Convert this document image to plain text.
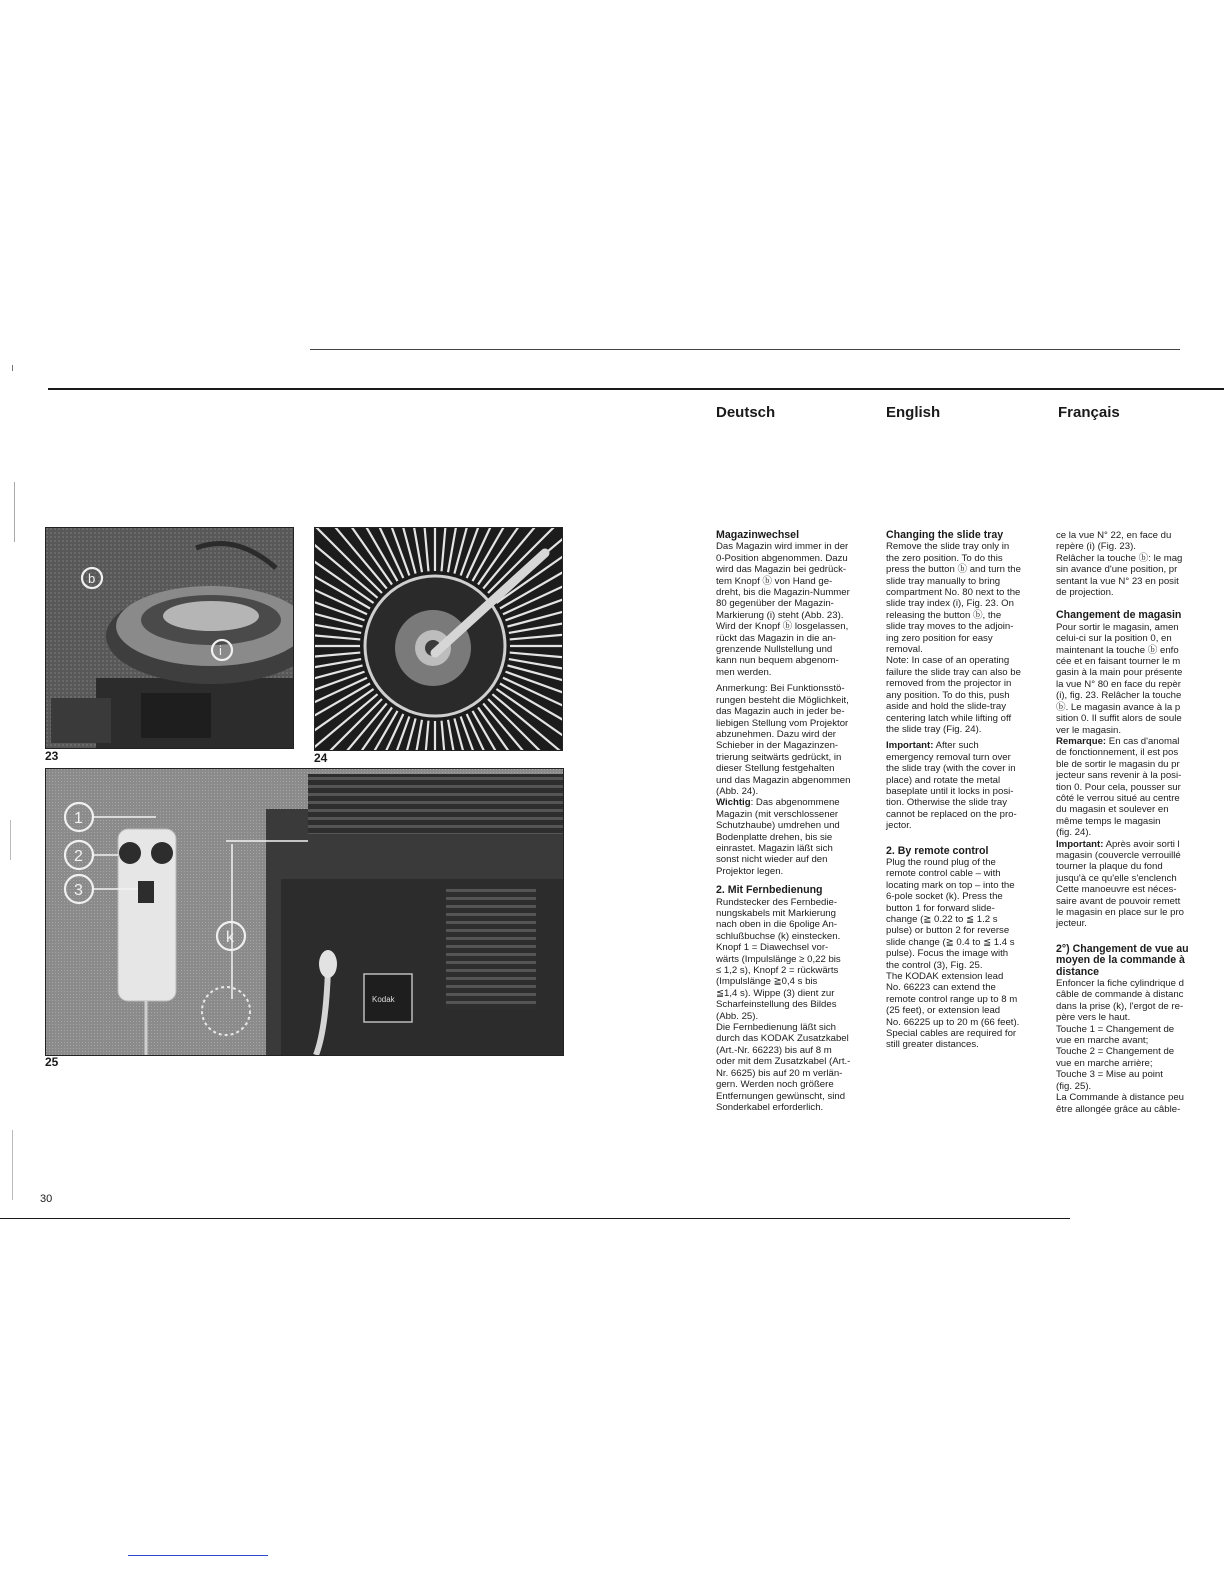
Deutsch	English	Français
b
i
23	24
Kodak
1
2
3
k
25

Magazinwechsel

Das Magazin wird immer in der
0-Position abgenommen. Dazu
wird das Magazin bei gedrück-
tem Knopf ⓑ von Hand ge-
dreht, bis die Magazin-Nummer
80 gegenüber der Magazin-
Markierung (i) steht (Abb. 23).
Wird der Knopf ⓑ losgelassen,
rückt das Magazin in die an-
grenzende Nullstellung und
kann nun bequem abgenom-
men werden.

Anmerkung: Bei Funktionsstö-
rungen besteht die Möglichkeit,
das Magazin auch in jeder be-
liebigen Stellung vom Projektor
abzunehmen. Dazu wird der
Schieber in der Magazinzen-
trierung seitwärts gedrückt, in
dieser Stellung festgehalten
und das Magazin abgenommen
(Abb. 24).

Wichtig: Das abgenommene
Magazin (mit verschlossener
Schutzhaube) umdrehen und
Bodenplatte drehen, bis sie
einrastet. Magazin läßt sich
sonst nicht wieder auf den
Projektor legen.

2. Mit Fernbedienung

Rundstecker des Fernbedie-
nungskabels mit Markierung
nach oben in die 6polige An-
schlußbuchse (k) einstecken.
Knopf 1 = Diawechsel vor-
wärts (Impulslänge ≥ 0,22 bis
≤ 1,2 s), Knopf 2 = rückwärts
(Impulslänge ≧0,4 s bis
≦1,4 s). Wippe (3) dient zur
Scharfeinstellung des Bildes
(Abb. 25).

Die Fernbedienung läßt sich
durch das KODAK Zusatzkabel
(Art.-Nr. 66223) bis auf 8 m
oder mit dem Zusatzkabel (Art.-
Nr. 6625) bis auf 20 m verlän-
gern. Werden noch größere
Entfernungen gewünscht, sind
Sonderkabel erforderlich.

Changing the slide tray

Remove the slide tray only in
the zero position. To do this
press the button ⓑ and turn the
slide tray manually to bring
compartment No. 80 next to the
slide tray index (i), Fig. 23. On
releasing the button ⓑ, the
slide tray moves to the adjoin-
ing zero position for easy
removal.

Note: In case of an operating
failure the slide tray can also be
removed from the projector in
any position. To do this, push
aside and hold the slide-tray
centering latch while lifting off
the slide tray (Fig. 24).

Important: After such
emergency removal turn over
the slide tray (with the cover in
place) and rotate the metal
baseplate until it locks in posi-
tion. Otherwise the slide tray
cannot be replaced on the pro-
jector.

2. By remote control

Plug the round plug of the
remote control cable – with
locating mark on top – into the
6-pole socket (k). Press the
button 1 for forward slide-
change (≧ 0.22 to ≦ 1.2 s
pulse) or button 2 for reverse
slide change (≧ 0.4 to ≦ 1.4 s
pulse). Focus the image with
the control (3), Fig. 25.
The KODAK extension lead
No. 66223 can extend the
remote control range up to 8 m
(25 feet), or extension lead
No. 66225 up to 20 m (66 feet).
Special cables are required for
still greater distances.

ce la vue N° 22, en face du
repère (i) (Fig. 23).
Relâcher la touche ⓑ: le mag
sin avance d'une position, pr
sentant la vue N° 23 en posit
de projection.

Changement de magasin

Pour sortir le magasin, amen
celui-ci sur la position 0, en
maintenant la touche ⓑ enfo
cée et en faisant tourner le m
gasin à la main pour présente
la vue N° 80 en face du repèr
(i), fig. 23. Relâcher la touche
ⓑ. Le magasin avance à la p
sition 0. Il suffit alors de soule
ver le magasin.

Remarque: En cas d'anomal
de fonctionnement, il est pos
ble de sortir le magasin du pr
jecteur sans revenir à la posi-
tion 0. Pour cela, pousser sur
côté le verrou situé au centre
du magasin et soulever en
même temps le magasin
(fig. 24).

Important: Après avoir sorti l
magasin (couvercle verrouillé
tourner la plaque du fond
jusqu'à ce qu'elle s'enclench
Cette manoeuvre est néces-
saire avant de pouvoir remett
le magasin en place sur le pro
jecteur.

2°) Changement de vue au
moyen de la commande à
distance

Enfoncer la fiche cylindrique d
câble de commande à distanc
dans la prise (k), l'ergot de re-
père vers le haut.
Touche 1 = Changement de
vue en marche avant;
Touche 2 = Changement de
vue en marche arrière;
Touche 3 = Mise au point
(fig. 25).
La Commande à distance peu
être allongée grâce au câble-

30
